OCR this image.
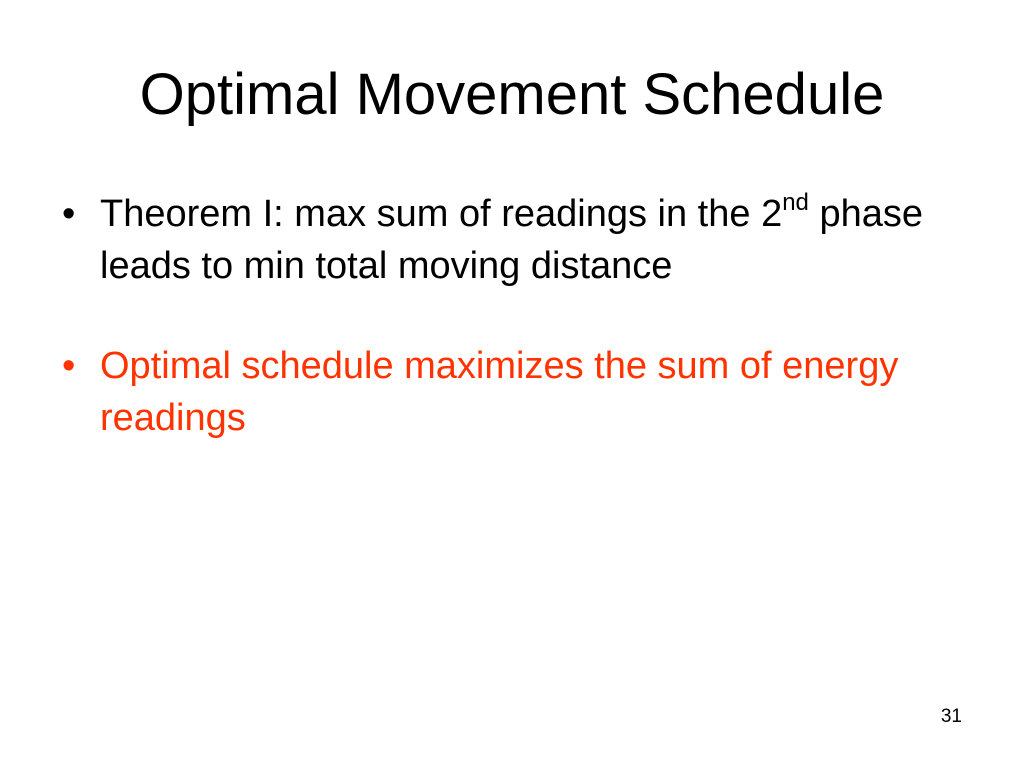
Optimal Movement Schedule
• Theorem I: max sum of readings in the 2nd phase leads to min total moving distance
• Optimal schedule maximizes the sum of energy readings
31
